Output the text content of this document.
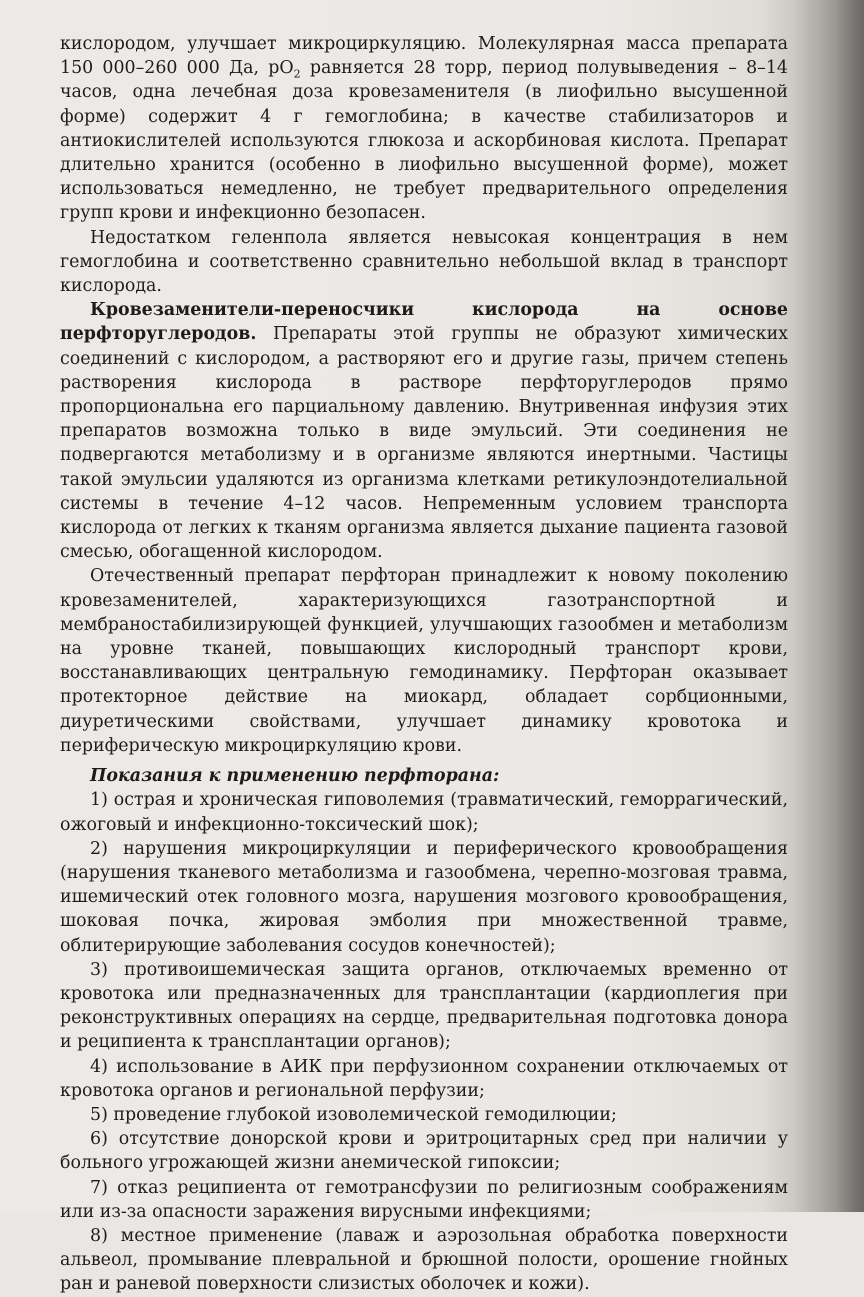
кислородом, улучшает микроциркуляцию. Молекулярная масса препарата 150 000–260 000 Да, $pO_2$ равняется 28 торр, период полувыведения – 8–14 часов, одна лечебная доза кровезаменителя (в лиофильно высушенной форме) содержит 4 г гемоглобина; в качестве стабилизаторов и антиокислителей используются глюкоза и аскорбиновая кислота. Препарат длительно хранится (особенно в лиофильно высушенной форме), может использоваться немедленно, не требует предварительного определения групп крови и инфекционно безопасен.

Недостатком геленпола является невысокая концентрация в нем гемоглобина и соответственно сравнительно небольшой вклад в транспорт кислорода.

Кровезаменители-переносчики кислорода на основе перфторуглеродов. Препараты этой группы не образуют химических соединений с кислородом, а растворяют его и другие газы, причем степень растворения кислорода в растворе перфторуглеродов прямо пропорциональна его парциальному давлению. Внутривенная инфузия этих препаратов возможна только в виде эмульсий. Эти соединения не подвергаются метаболизму и в организме являются инертными. Частицы такой эмульсии удаляются из организма клетками ретикулоэндотелиальной системы в течение 4–12 часов. Непременным условием транспорта кислорода от легких к тканям организма является дыхание пациента газовой смесью, обогащенной кислородом.

Отечественный препарат перфторан принадлежит к новому поколению кровезаменителей, характеризующихся газотранспортной и мембраностабилизирующей функцией, улучшающих газообмен и метаболизм на уровне тканей, повышающих кислородный транспорт крови, восстанавливающих центральную гемодинамику. Перфторан оказывает протекторное действие на миокард, обладает сорбционными, диуретическими свойствами, улучшает динамику кровотока и периферическую микроциркуляцию крови.

Показания к применению перфторана:

1) острая и хроническая гиповолемия (травматический, геморрагический, ожоговый и инфекционно-токсический шок);

2) нарушения микроциркуляции и периферического кровообращения (нарушения тканевого метаболизма и газообмена, черепно-мозговая травма, ишемический отек головного мозга, нарушения мозгового кровообращения, шоковая почка, жировая эмболия при множественной травме, облитерирующие заболевания сосудов конечностей);

3) противоишемическая защита органов, отключаемых временно от кровотока или предназначенных для трансплантации (кардиоплегия при реконструктивных операциях на сердце, предварительная подготовка донора и реципиента к трансплантации органов);

4) использование в АИК при перфузионном сохранении отключаемых от кровотока органов и региональной перфузии;

5) проведение глубокой изоволемической гемодилюции;

6) отсутствие донорской крови и эритроцитарных сред при наличии у больного угрожающей жизни анемической гипоксии;

7) отказ реципиента от гемотрансфузии по религиозным соображениям или из-за опасности заражения вирусными инфекциями;

8) местное применение (лаваж и аэрозольная обработка поверхности альвеол, промывание плевральной и брюшной полости, орошение гнойных ран и раневой поверхности слизистых оболочек и кожи).
